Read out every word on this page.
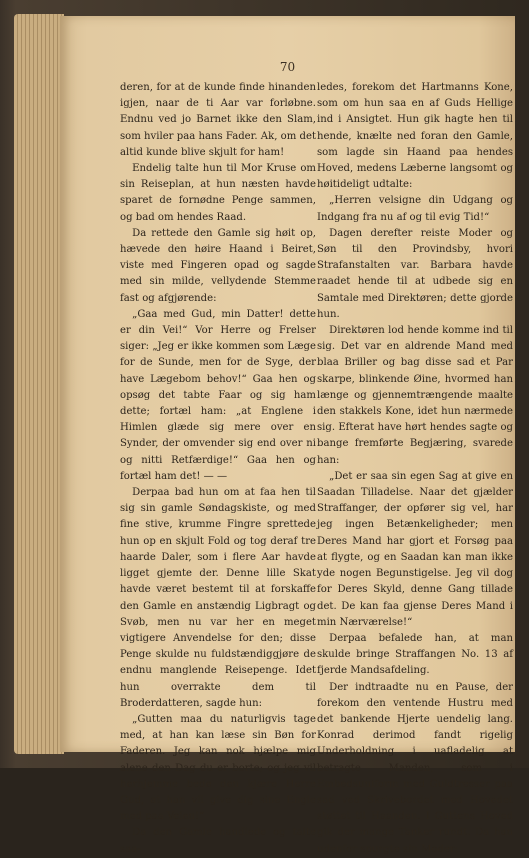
70

deren, for at de kunde finde hinanden igjen, naar de ti Aar var forløbne. Endnu ved jo Barnet ikke den Slam, som hviler paa hans Fader. Ak, om det altid kunde blive skjult for ham!

Endelig talte hun til Mor Kruse om sin Reiseplan, at hun næsten havde sparet de fornødne Penge sammen, og bad om hendes Raad.

Da rettede den Gamle sig høit op, hævede den høire Haand i Beiret, viste med Fingeren opad og sagde med sin milde, vellydende Stemme fast og afgjørende:

„Gaa med Gud, min Datter! dette er din Vei!“ Vor Herre og Frelser siger: „Jeg er ikke kommen som Læge for de Sunde, men for de Syge, der have Lægebom behov!“ Gaa hen og opsøg det tabte Faar og sig ham dette; fortæl ham: „at Englene i Himlen glæde sig mere over en Synder, der omvender sig end over ni og nitti Retfærdige!“ Gaa hen og fortæl ham det! — —

Derpaa bad hun om at faa hen til sig sin gamle Søndagskiste, og med fine stive, krumme Fingre sprettede hun op en skjult Fold og tog deraf tre haarde Daler, som i flere Aar havde ligget gjemte der. Denne lille Skat havde været bestemt til at forskaffe den Gamle en anstændig Ligbragt og Svøb, men nu var her en meget vigtigere Anvendelse for den; disse Penge skulde nu fuldstændiggjøre de endnu manglende Reisepenge. Idet hun overrakte dem til Broderdatteren, sagde hun:

„Gutten maa du naturligvis tage med, at han kan læse sin Bøn for Faderen. Jeg kan nok hjælpe mig alene den Dag du er borte; og jeg vil herhjemme bede den kjære Herre Gud, at han vil give dig sine Engle med paa Veien!“

Da den Gamle handlede og talte saa-

ledes, forekom det Hartmanns Kone, som om hun saa en af Guds Hellige ind i Ansigtet. Hun gik hagte hen til hende, knælte ned foran den Gamle, som lagde sin Haand paa hendes Hoved, medens Læberne langsomt og høitideligt udtalte:

„Herren velsigne din Udgang og Indgang fra nu af og til evig Tid!“

Dagen derefter reiste Moder og Søn til den Provindsby, hvori Strafanstalten var. Barbara havde raadet hende til at udbede sig en Samtale med Direktøren; dette gjorde hun.

Direktøren lod hende komme ind til sig. Det var en aldrende Mand med blaa Briller og bag disse sad et Par skarpe, blinkende Øine, hvormed han længe og gjennemtrængende maalte den stakkels Kone, idet hun nærmede sig. Efterat have hørt hendes sagte og bange fremførte Begjæring, svarede han:

„Det er saa sin egen Sag at give en Saadan Tilladelse. Naar det gjælder Straffanger, der opfører sig vel, har jeg ingen Betænkeligheder; men Deres Mand har gjort et Forsøg paa at flygte, og en Saadan kan man ikke yde nogen Begunstigelse. Jeg vil dog for Deres Skyld, denne Gang tillade det. De kan faa gjense Deres Mand i min Nærværelse!“

Derpaa befalede han, at man skulde bringe Straffangen No. 13 af fjerde Mandsafdeling.

Der indtraadte nu en Pause, der forekom den ventende Hustru med det bankende Hjerte uendelig lang. Konrad derimod fandt rigelig Underholdning i uafladelig at betragte Manden, som i Embedsuniform med Guldtresser paa sad ved Skrivebordet med Hovedet støttet til Haanden. I Guttens Hoved gik der mange Tanker rundt. Da han udenfor spurgte sin Moder:
